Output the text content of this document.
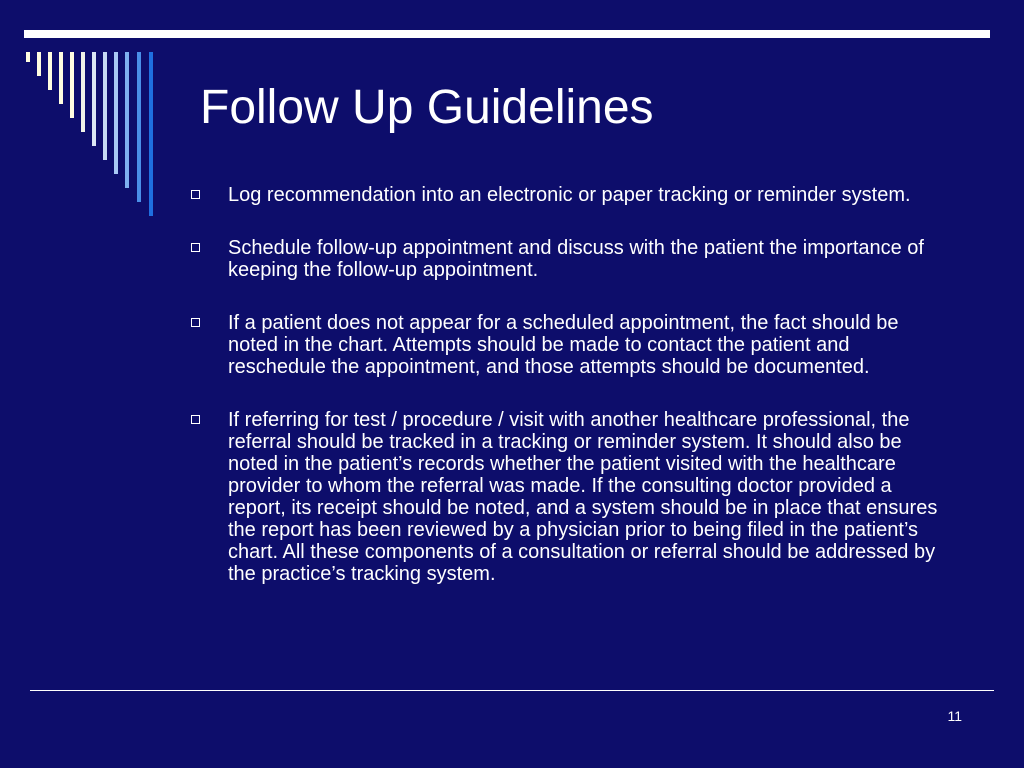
Follow Up Guidelines
Log recommendation into an electronic or paper tracking or reminder system.
Schedule follow-up appointment and discuss with the patient the importance of keeping the follow-up appointment.
If a patient does not appear for a scheduled appointment, the fact should be noted in the chart. Attempts should be made to contact the patient and reschedule the appointment, and those attempts should be documented.
If referring for test / procedure / visit with another healthcare professional, the referral should be tracked in a tracking or reminder system. It should also be noted in the patient’s records whether the patient visited with the healthcare provider to whom the referral was made. If the consulting doctor provided a report, its receipt should be noted, and a system should be in place that ensures the report has been reviewed by a physician prior to being filed in the patient’s chart. All these components of a consultation or referral should be addressed by the practice’s tracking system.
11
